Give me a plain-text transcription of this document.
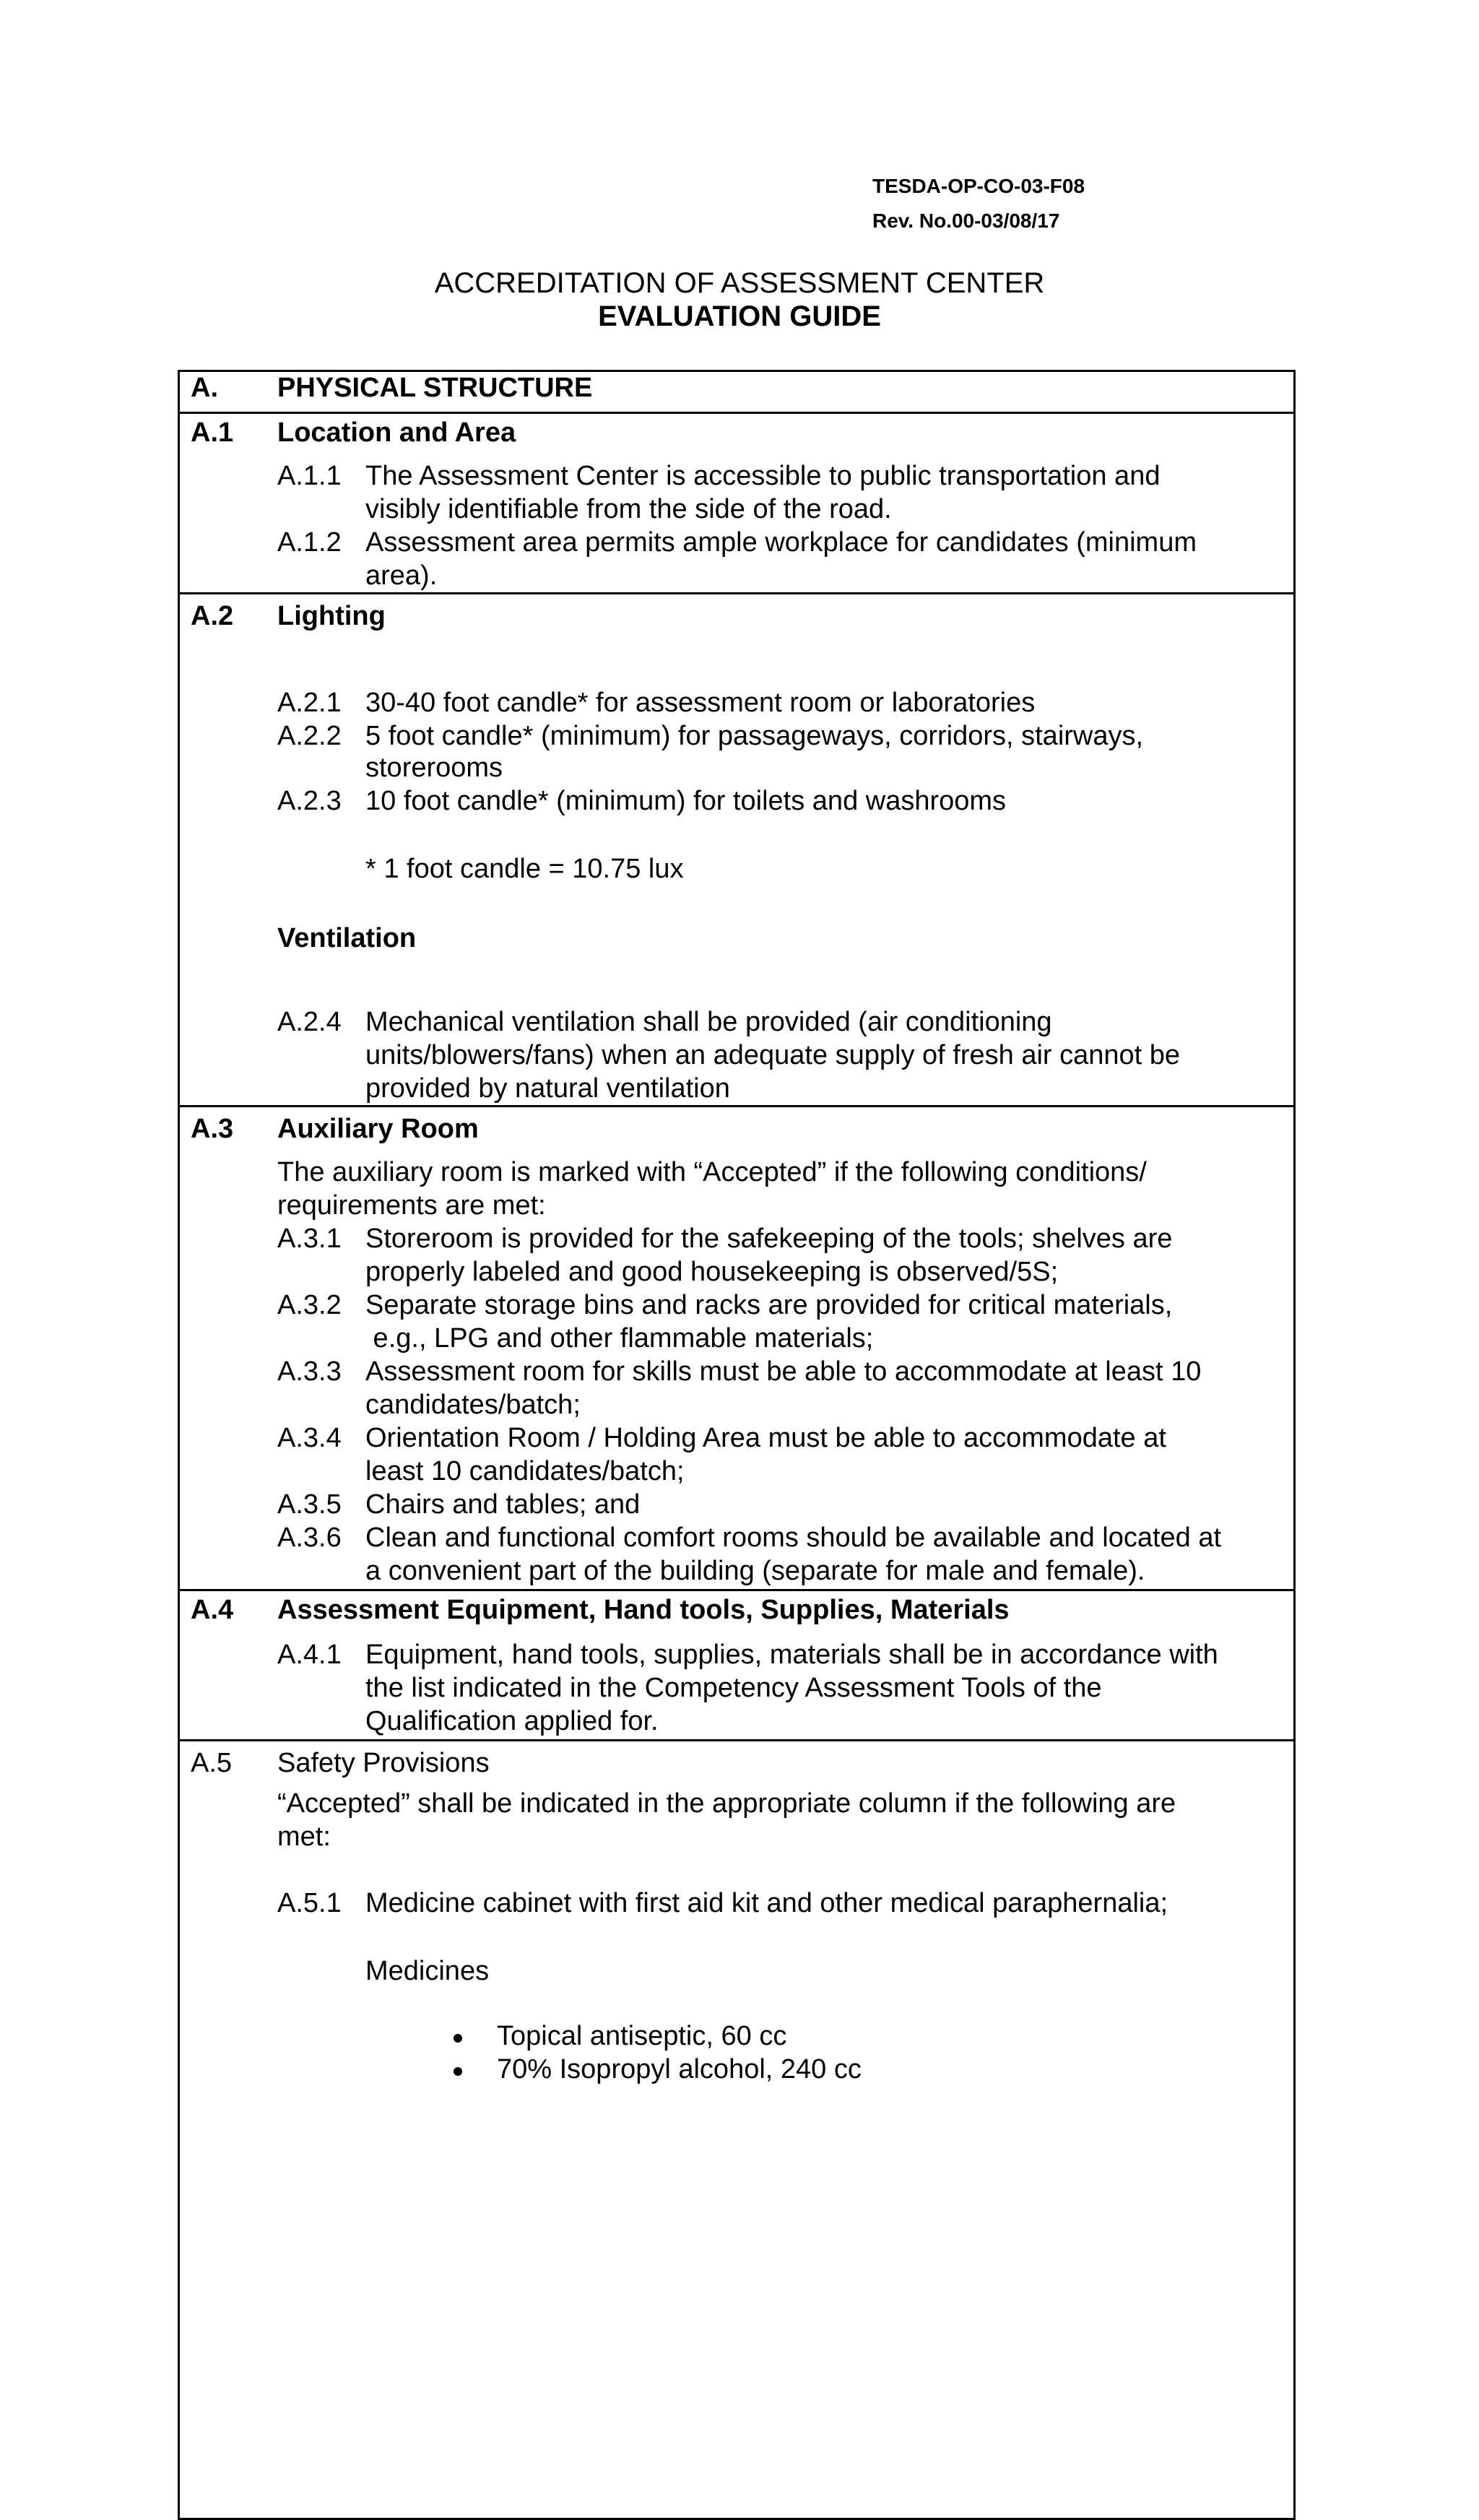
TESDA-OP-CO-03-F08
Rev. No.00-03/08/17
ACCREDITATION OF ASSESSMENT CENTER
EVALUATION GUIDE
A. PHYSICAL STRUCTURE
A.1 Location and Area
A.1.1 The Assessment Center is accessible to public transportation and
visibly identifiable from the side of the road.
A.1.2 Assessment area permits ample workplace for candidates (minimum
area).
A.2 Lighting
A.2.1 30-40 foot candle* for assessment room or laboratories
A.2.2 5 foot candle* (minimum) for passageways, corridors, stairways,
storerooms
A.2.3 10 foot candle* (minimum) for toilets and washrooms
* 1 foot candle = 10.75 lux
Ventilation
A.2.4 Mechanical ventilation shall be provided (air conditioning
units/blowers/fans) when an adequate supply of fresh air cannot be
provided by natural ventilation
A.3 Auxiliary Room
The auxiliary room is marked with “Accepted” if the following conditions/
requirements are met:
A.3.1 Storeroom is provided for the safekeeping of the tools; shelves are
properly labeled and good housekeeping is observed/5S;
A.3.2 Separate storage bins and racks are provided for critical materials,
e.g., LPG and other flammable materials;
A.3.3 Assessment room for skills must be able to accommodate at least 10
candidates/batch;
A.3.4 Orientation Room / Holding Area must be able to accommodate at
least 10 candidates/batch;
A.3.5 Chairs and tables; and
A.3.6 Clean and functional comfort rooms should be available and located at
a convenient part of the building (separate for male and female).
A.4 Assessment Equipment, Hand tools, Supplies, Materials
A.4.1 Equipment, hand tools, supplies, materials shall be in accordance with
the list indicated in the Competency Assessment Tools of the
Qualification applied for.
A.5 Safety Provisions
“Accepted” shall be indicated in the appropriate column if the following are
met:
A.5.1 Medicine cabinet with first aid kit and other medical paraphernalia;
Medicines
Topical antiseptic, 60 cc
70% Isopropyl alcohol, 240 cc
